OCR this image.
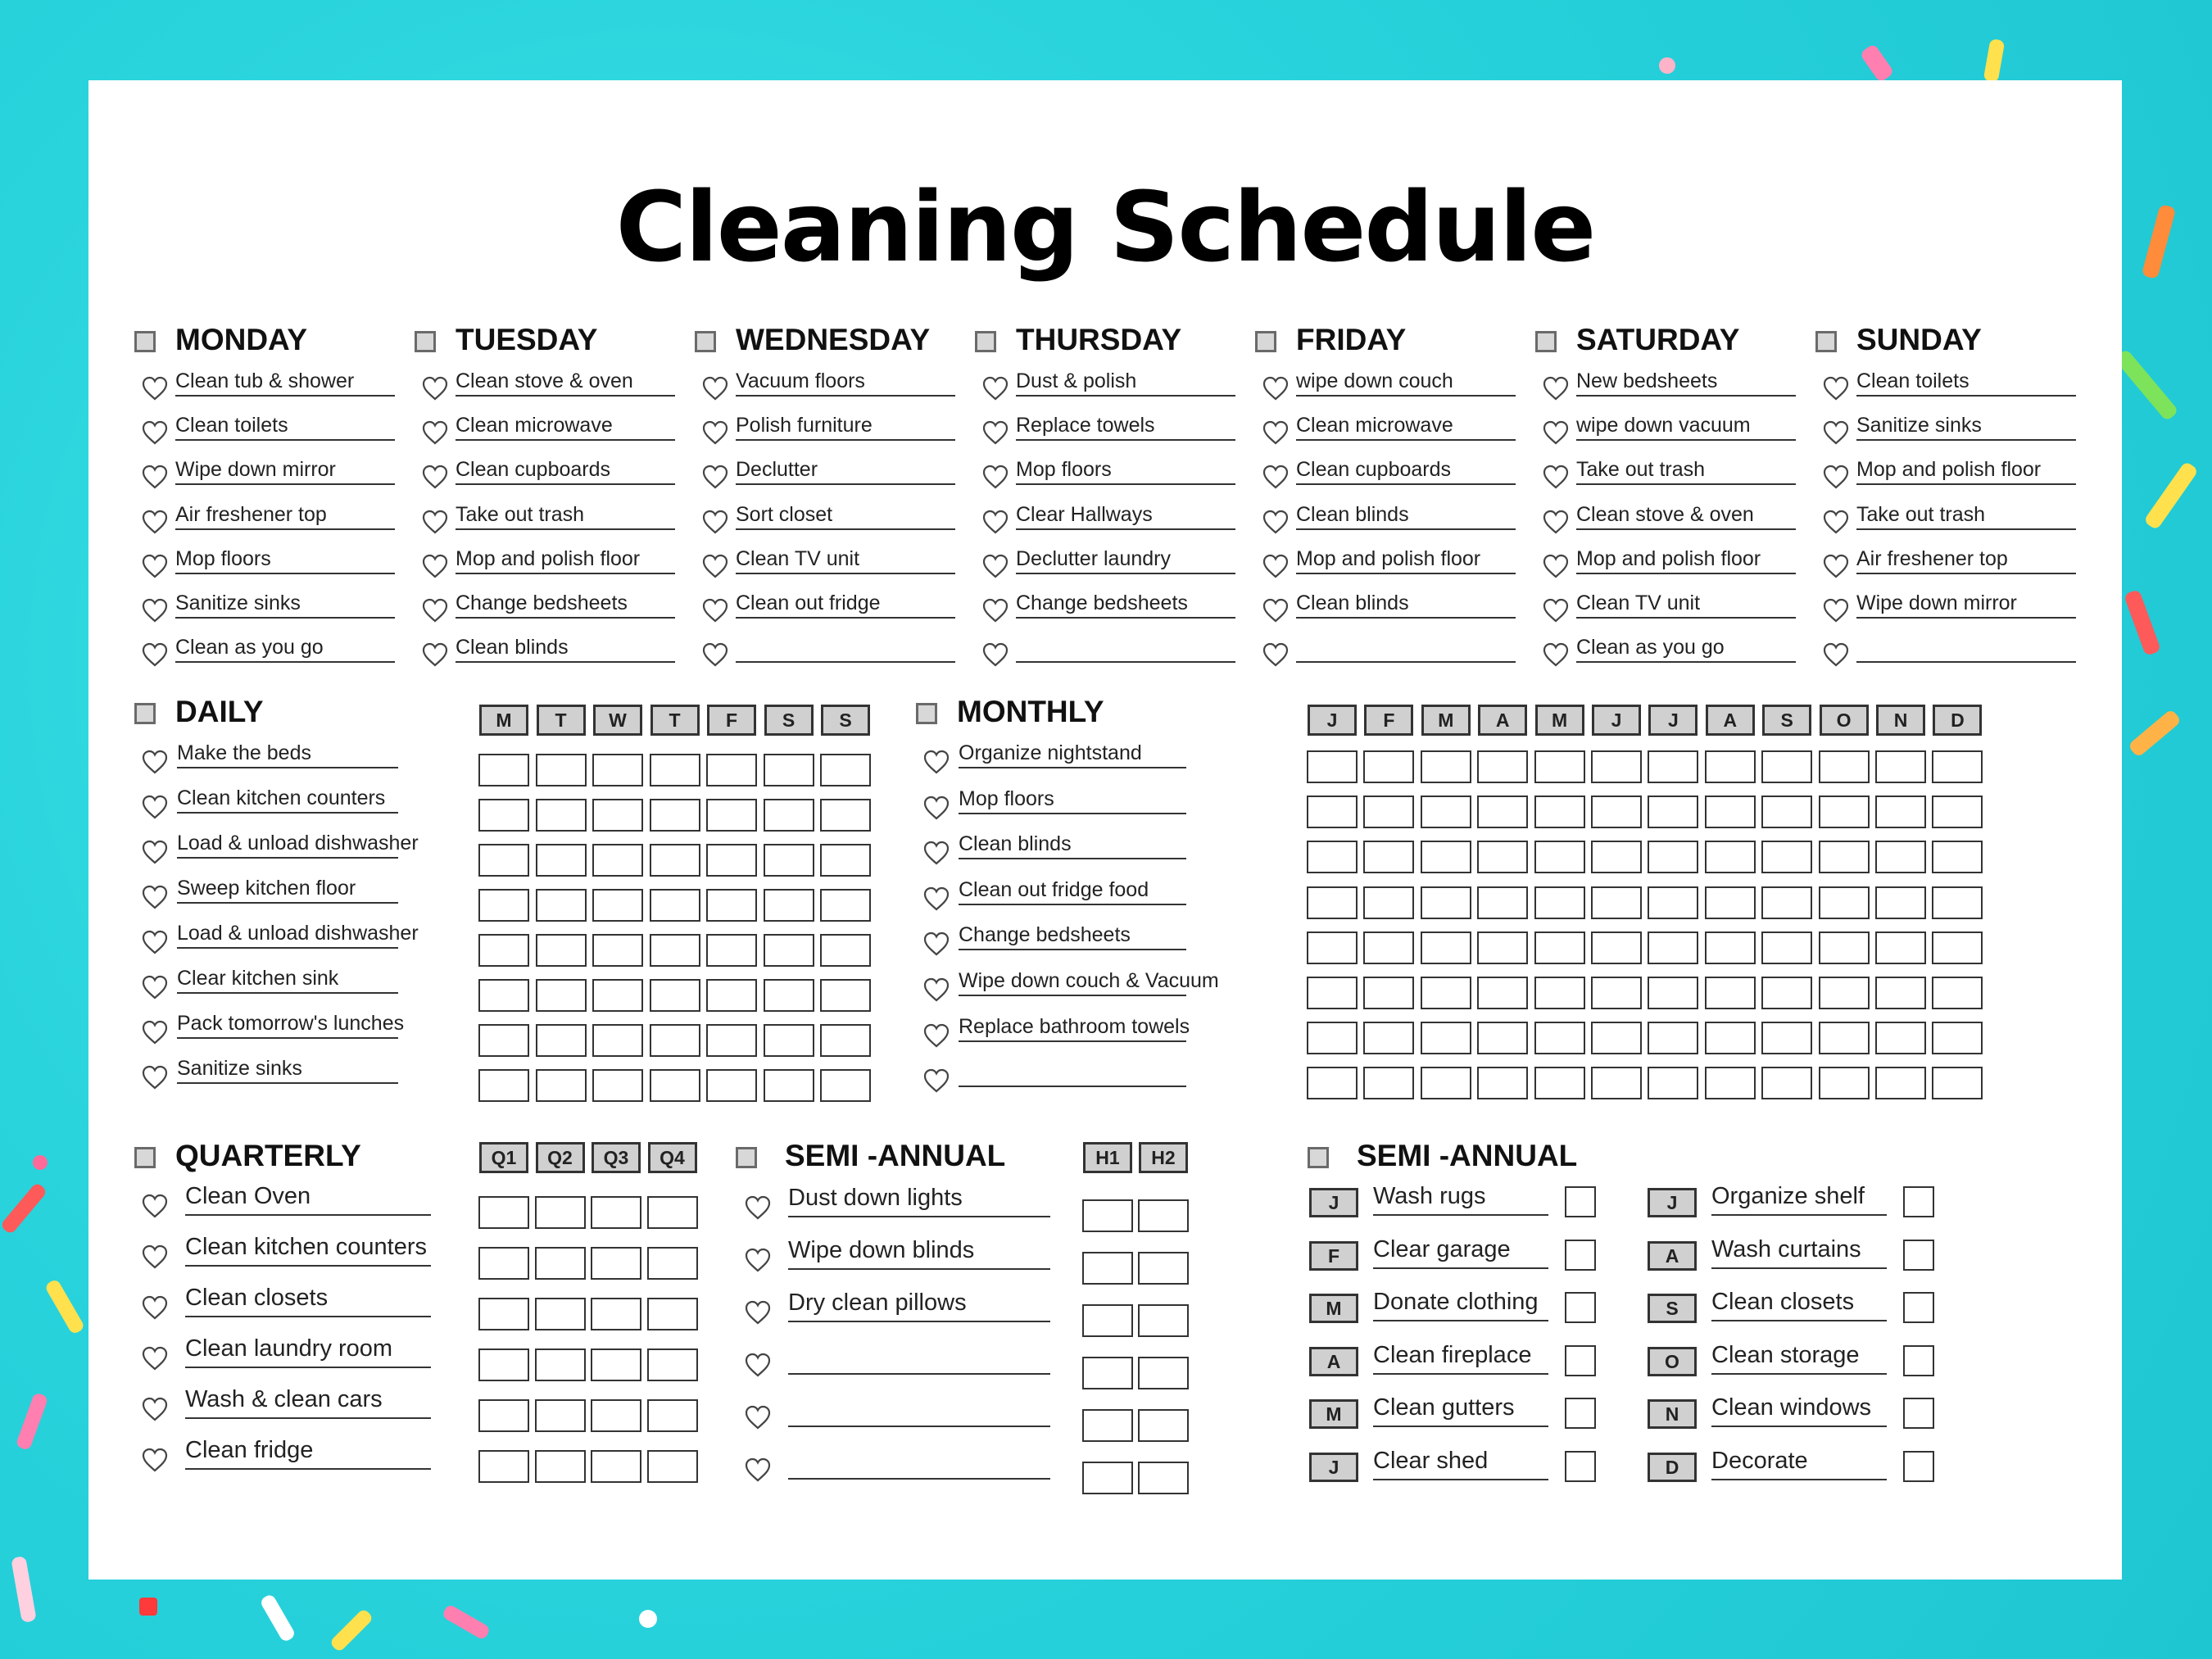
Cleaning Schedule
MONDAY
Clean tub & shower
Clean toilets
Wipe down mirror
Air freshener top
Mop floors
Sanitize sinks
Clean as you go
TUESDAY
Clean stove & oven
Clean microwave
Clean cupboards
Take out trash
Mop and polish floor
Change bedsheets
Clean blinds
WEDNESDAY
Vacuum floors
Polish furniture
Declutter
Sort closet
Clean TV unit
Clean out fridge
THURSDAY
Dust & polish
Replace towels
Mop floors
Clear Hallways
Declutter laundry
Change bedsheets
FRIDAY
wipe down couch
Clean microwave
Clean cupboards
Clean blinds
Mop and polish floor
Clean blinds
SATURDAY
New bedsheets
wipe down vacuum
Take out trash
Clean stove & oven
Mop and polish floor
Clean TV unit
Clean as you go
SUNDAY
Clean toilets
Sanitize sinks
Mop and polish floor
Take out trash
Air freshener top
Wipe down mirror
DAILY	M	T	W	T	F	S	S
Make the beds
Clean kitchen counters
Load & unload dishwasher
Sweep kitchen floor
Load & unload dishwasher
Clear kitchen sink
Pack tomorrow's lunches
Sanitize sinks
MONTHLY	J	F	M	A	M	J	J	A	S	O	N	D
Organize nightstand
Mop floors
Clean blinds
Clean out fridge food
Change bedsheets
Wipe down couch & Vacuum
Replace bathroom towels
QUARTERLY	Q1	Q2	Q3	Q4
Clean Oven
Clean kitchen counters
Clean closets
Clean laundry room
Wash & clean cars
Clean fridge
SEMI -ANNUAL	H1	H2
Dust down lights
Wipe down blinds
Dry clean pillows
SEMI -ANNUAL
J	Wash rugs
F	Clear garage
M	Donate clothing
A	Clean fireplace
M	Clean gutters
J	Clear shed
J	Organize shelf
A	Wash curtains
S	Clean closets
O	Clean storage
N	Clean windows
D	Decorate
